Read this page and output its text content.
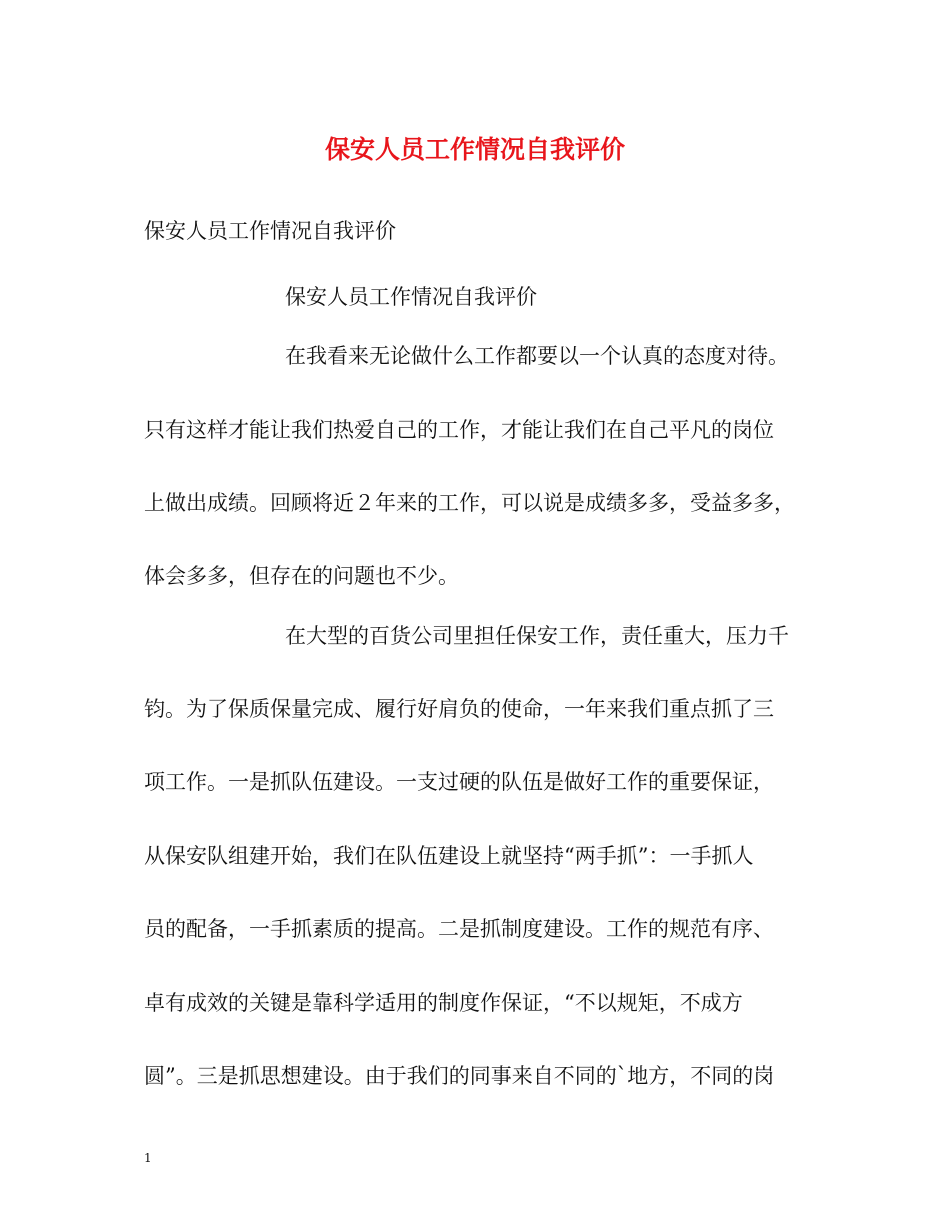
保安人员工作情况自我评价
保安人员工作情况自我评价
保安人员工作情况自我评价
在我看来无论做什么工作都要以一个认真的态度对待。
只有这样才能让我们热爱自己的工作，才能让我们在自己平凡的岗位
上做出成绩。回顾将近２年来的工作，可以说是成绩多多，受益多多，
体会多多，但存在的问题也不少。
在大型的百货公司里担任保安工作，责任重大，压力千
钧。为了保质保量完成、履行好肩负的使命，一年来我们重点抓了三
项工作。一是抓队伍建设。一支过硬的队伍是做好工作的重要保证，
从保安队组建开始，我们在队伍建设上就坚持“两手抓”：一手抓人
员的配备，一手抓素质的提高。二是抓制度建设。工作的规范有序、
卓有成效的关键是靠科学适用的制度作保证，“不以规矩，不成方
圆”。三是抓思想建设。由于我们的同事来自不同的`地方，不同的岗
1
